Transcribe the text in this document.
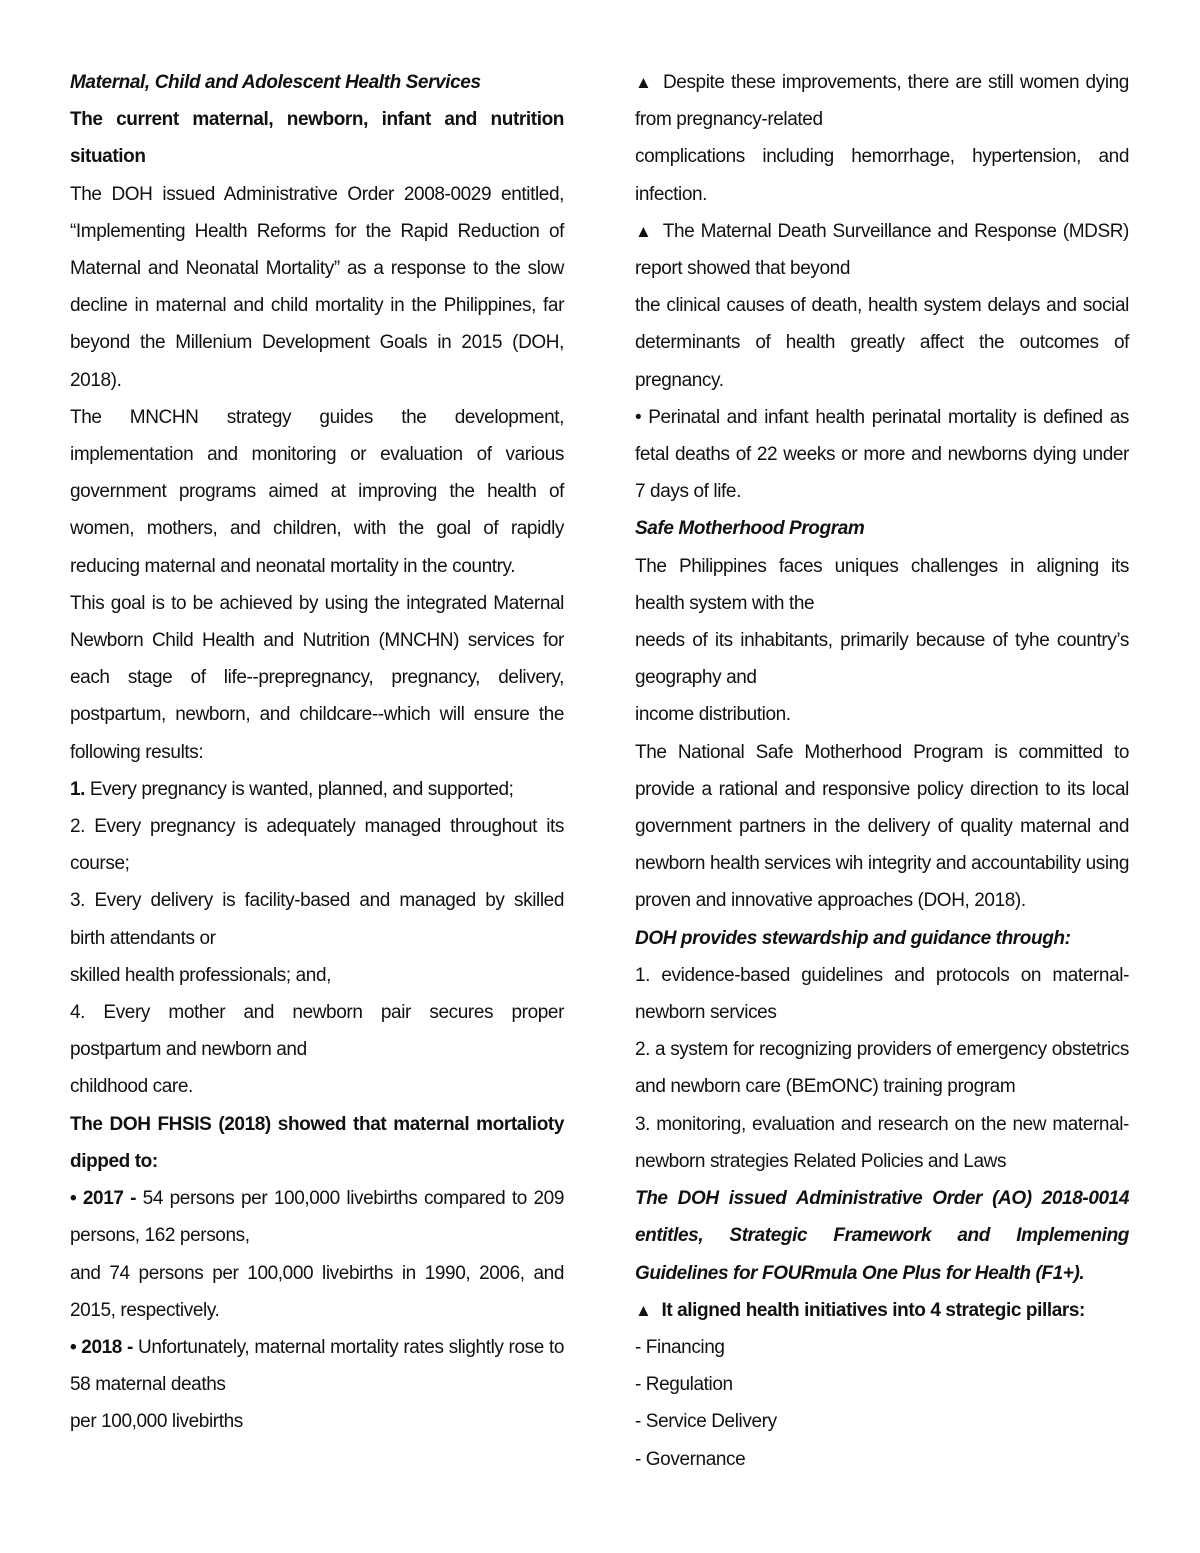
Maternal, Child and Adolescent Health Services

The current maternal, newborn, infant and nutrition situation

The DOH issued Administrative Order 2008-0029 entitled, “Implementing Health Reforms for the Rapid Reduction of Maternal and Neonatal Mortality” as a response to the slow decline in maternal and child mortality in the Philippines, far beyond the Millenium Development Goals in 2015 (DOH, 2018).

The MNCHN strategy guides the development, implementation and monitoring or evaluation of various government programs aimed at improving the health of women, mothers, and children, with the goal of rapidly reducing maternal and neonatal mortality in the country.

This goal is to be achieved by using the integrated Maternal Newborn Child Health and Nutrition (MNCHN) services for each stage of life--prepregnancy, pregnancy, delivery, postpartum, newborn, and childcare--which will ensure the following results:

1. Every pregnancy is wanted, planned, and supported;

2. Every pregnancy is adequately managed throughout its course;

3. Every delivery is facility-based and managed by skilled birth attendants or

skilled health professionals; and,

4. Every mother and newborn pair secures proper postpartum and newborn and

childhood care.

The DOH FHSIS (2018) showed that maternal mortalioty dipped to:

• 2017 - 54 persons per 100,000 livebirths compared to 209 persons, 162 persons,

and 74 persons per 100,000 livebirths in 1990, 2006, and 2015, respectively.

• 2018 - Unfortunately, maternal mortality rates slightly rose to 58 maternal deaths

per 100,000 livebirths

▲ Despite these improvements, there are still women dying from pregnancy-related

complications including hemorrhage, hypertension, and infection.

▲ The Maternal Death Surveillance and Response (MDSR) report showed that beyond

the clinical causes of death, health system delays and social determinants of health greatly affect the outcomes of pregnancy.

• Perinatal and infant health perinatal mortality is defined as fetal deaths of 22 weeks or more and newborns dying under 7 days of life.

Safe Motherhood Program

The Philippines faces uniques challenges in aligning its health system with the

needs of its inhabitants, primarily because of tyhe country’s geography and

income distribution.

The National Safe Motherhood Program is committed to provide a rational and responsive policy direction to its local government partners in the delivery of quality maternal and newborn health services wih integrity and accountability using proven and innovative approaches (DOH, 2018).

DOH provides stewardship and guidance through:

1. evidence-based guidelines and protocols on maternal-newborn services

2. a system for recognizing providers of emergency obstetrics and newborn care (BEmONC) training program

3. monitoring, evaluation and research on the new maternal-newborn strategies Related Policies and Laws

The DOH issued Administrative Order (AO) 2018-0014 entitles, Strategic Framework and Implemening Guidelines for FOURmula One Plus for Health (F1+).

▲ It aligned health initiatives into 4 strategic pillars:

- Financing

- Regulation

- Service Delivery

- Governance
